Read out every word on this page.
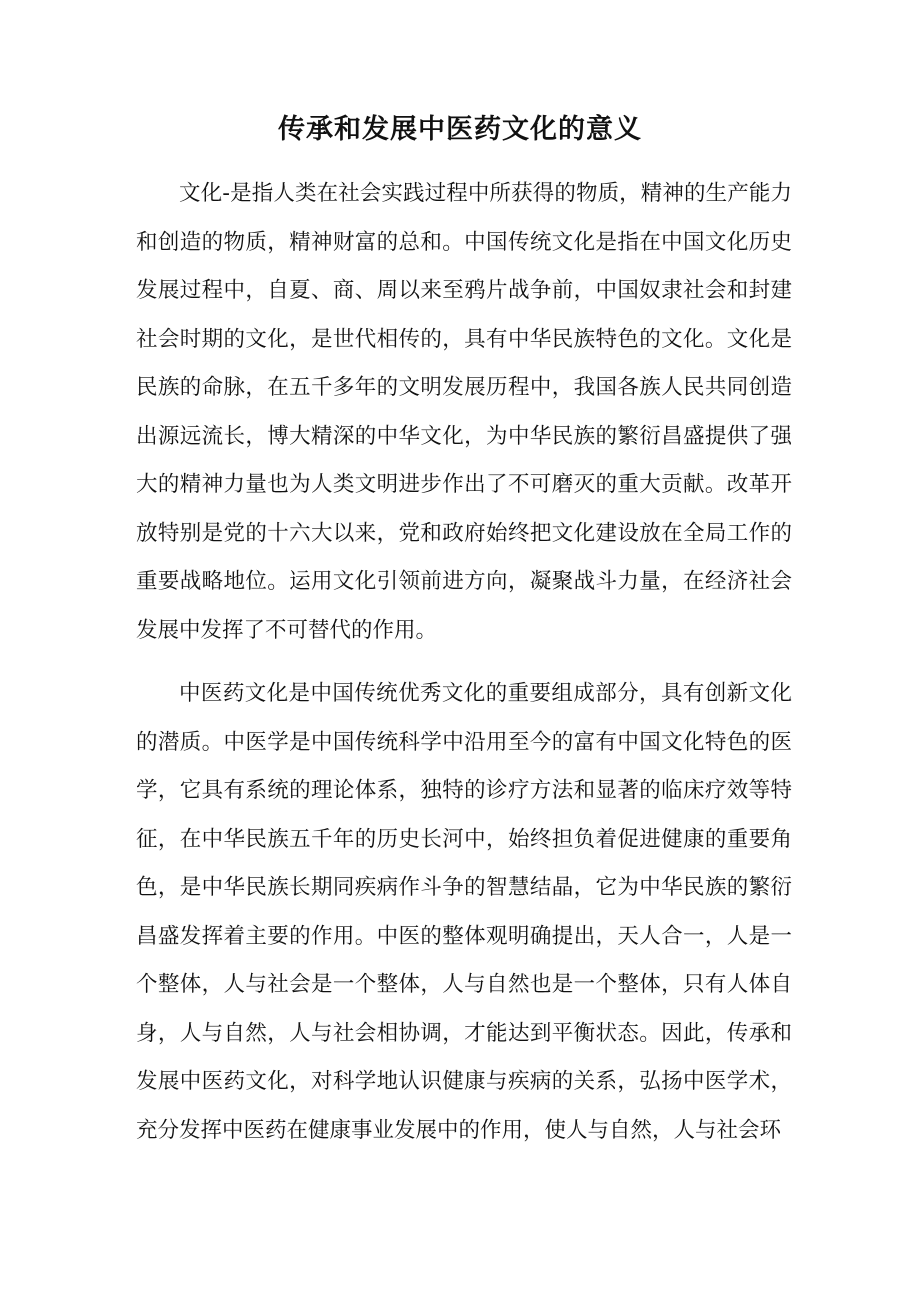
传承和发展中医药文化的意义

文化-是指人类在社会实践过程中所获得的物质，精神的生产能力和创造的物质，精神财富的总和。中国传统文化是指在中国文化历史发展过程中，自夏、商、周以来至鸦片战争前，中国奴隶社会和封建社会时期的文化，是世代相传的，具有中华民族特色的文化。文化是民族的命脉，在五千多年的文明发展历程中，我国各族人民共同创造出源远流长，博大精深的中华文化，为中华民族的繁衍昌盛提供了强大的精神力量也为人类文明进步作出了不可磨灭的重大贡献。改革开放特别是党的十六大以来，党和政府始终把文化建设放在全局工作的重要战略地位。运用文化引领前进方向，凝聚战斗力量，在经济社会发展中发挥了不可替代的作用。

中医药文化是中国传统优秀文化的重要组成部分，具有创新文化的潜质。中医学是中国传统科学中沿用至今的富有中国文化特色的医学，它具有系统的理论体系，独特的诊疗方法和显著的临床疗效等特征，在中华民族五千年的历史长河中，始终担负着促进健康的重要角色，是中华民族长期同疾病作斗争的智慧结晶，它为中华民族的繁衍昌盛发挥着主要的作用。中医的整体观明确提出，天人合一，人是一个整体，人与社会是一个整体，人与自然也是一个整体，只有人体自身，人与自然，人与社会相协调，才能达到平衡状态。因此，传承和发展中医药文化，对科学地认识健康与疾病的关系，弘扬中医学术，充分发挥中医药在健康事业发展中的作用，使人与自然，人与社会环
